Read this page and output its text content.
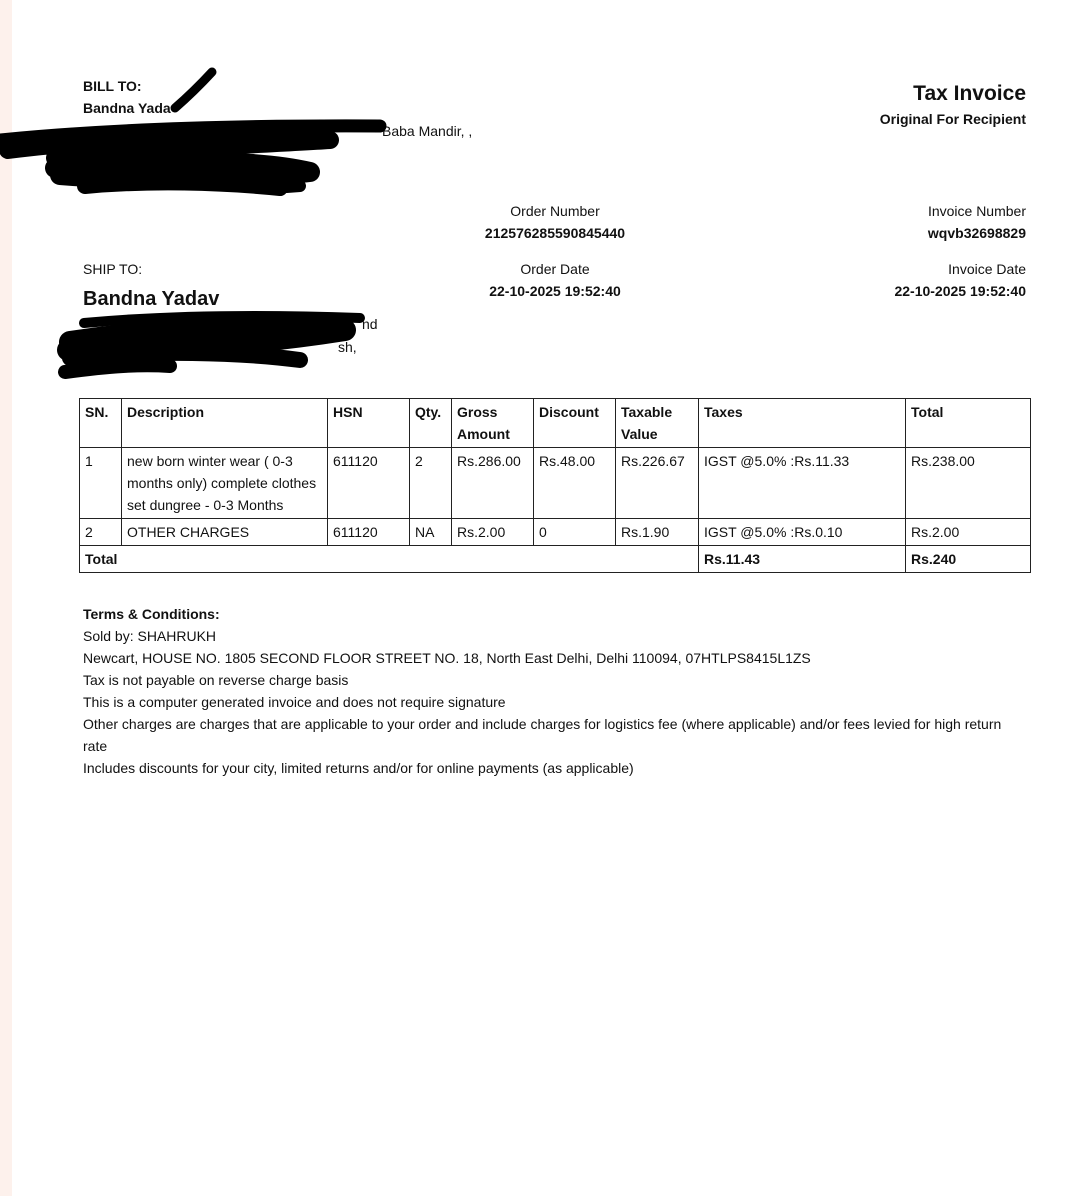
BILL TO:
Bandna Yada
Baba Mandir, ,
SHIP TO:
Bandna Yadav
nd
sh,
Tax Invoice
Original For Recipient
Order Number
212576285590845440
Order Date
22-10-2025 19:52:40
Invoice Number
wqvb32698829
Invoice Date
22-10-2025 19:52:40
SN.	Description	HSN	Qty.	Gross Amount	Discount	Taxable Value	Taxes	Total
1	new born winter wear ( 0-3 months only) complete clothes set dungree - 0-3 Months	611120	2	Rs.286.00	Rs.48.00	Rs.226.67	IGST @5.0% :Rs.11.33	Rs.238.00
2	OTHER CHARGES	611120	NA	Rs.2.00	0	Rs.1.90	IGST @5.0% :Rs.0.10	Rs.2.00
Total							Rs.11.43	Rs.240
Terms & Conditions:
Sold by: SHAHRUKH
Newcart, HOUSE NO. 1805 SECOND FLOOR STREET NO. 18, North East Delhi, Delhi 110094, 07HTLPS8415L1ZS
Tax is not payable on reverse charge basis
This is a computer generated invoice and does not require signature
Other charges are charges that are applicable to your order and include charges for logistics fee (where applicable) and/or fees levied for high return rate
Includes discounts for your city, limited returns and/or for online payments (as applicable)
